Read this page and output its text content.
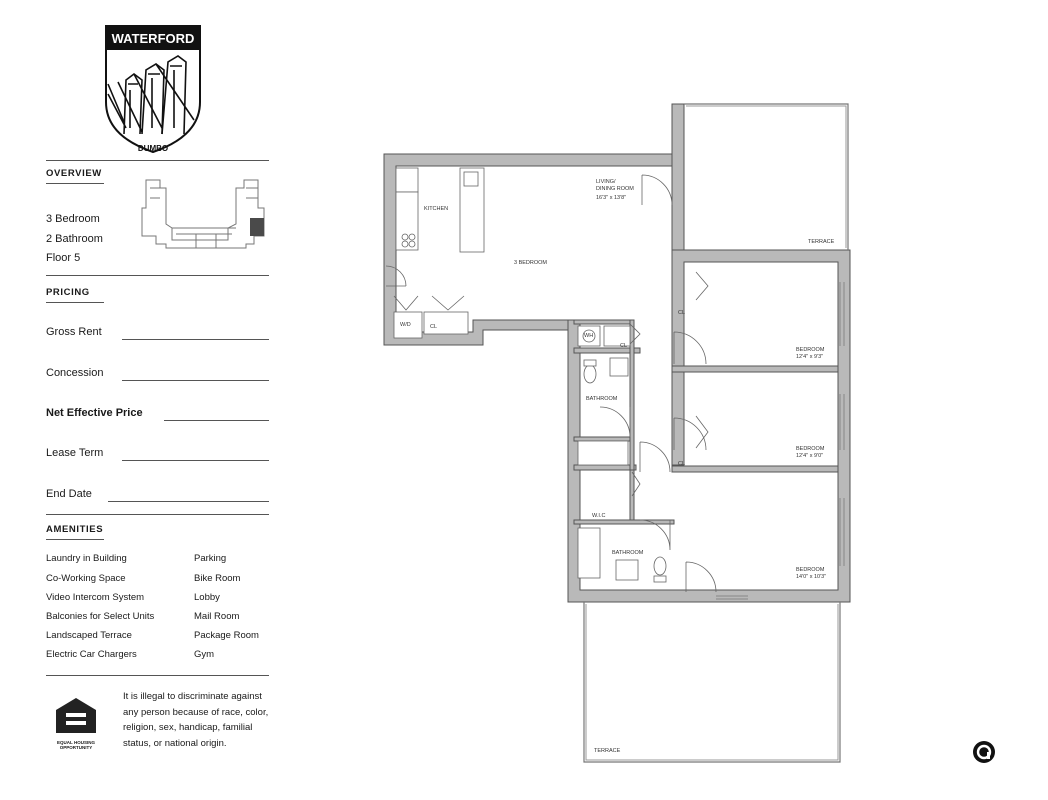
WATERFORD
DUMBO
OVERVIEW
3 Bedroom
2 Bathroom
Floor 5
PRICING
Gross Rent
Concession
Net Effective Price
Lease Term
End Date
AMENITIES
Laundry in Building
Co-Working Space
Video Intercom System
Balconies for Select Units
Landscaped Terrace
Electric Car Chargers
Parking
Bike Room
Lobby
Mail Room
Package Room
Gym
EQUAL HOUSING OPPORTUNITY
It is illegal to discriminate against any person because of race, color, religion, sex, handicap, familial status, or national origin.
KITCHEN
LIVING/ DINING ROOM
16'3" x 13'8"
3 BEDROOM
TERRACE
TERRACE
BEDROOM
12'4" x 9'3"
BEDROOM
12'4" x 9'0"
BEDROOM
14'0" x 10'3"
BATHROOM
BATHROOM
W/D	CL
CL
CL
CL
WH
W.I.C
